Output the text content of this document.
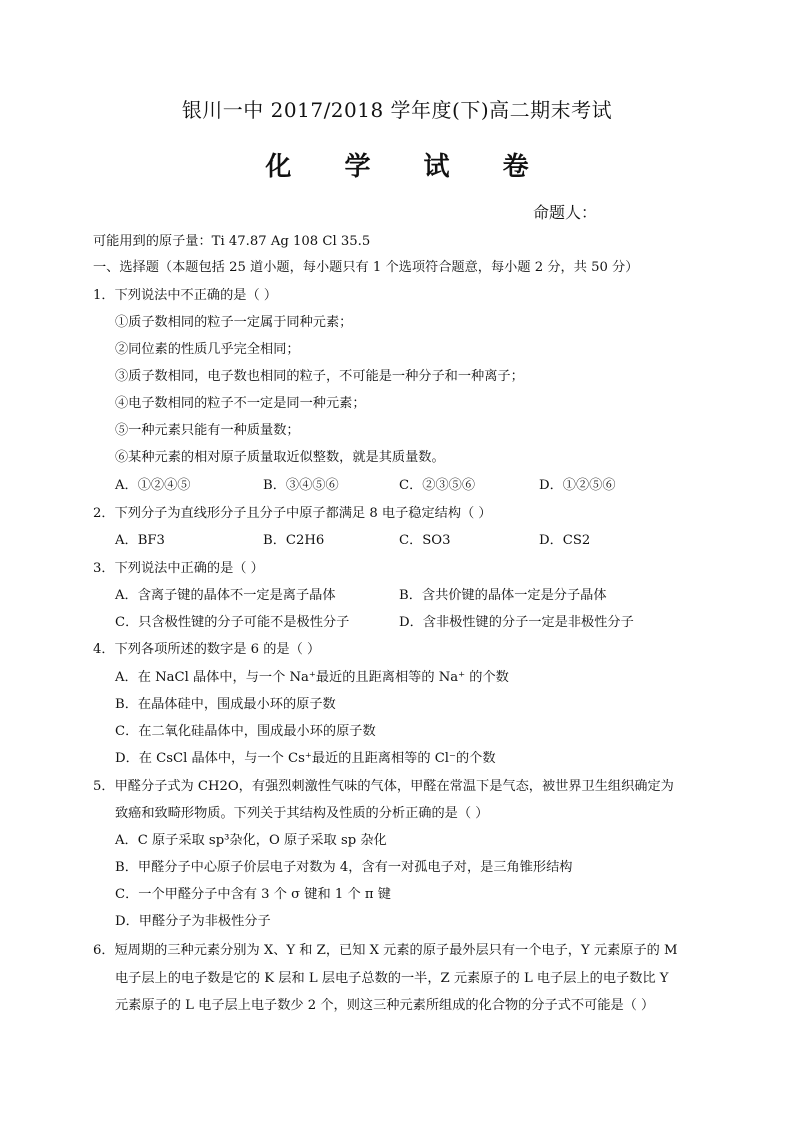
银川一中 2017/2018 学年度(下)高二期末考试
化 学 试 卷
命题人：
可能用到的原子量：Ti 47.87 Ag 108 Cl 35.5
一、选择题（本题包括 25 道小题，每小题只有 1 个选项符合题意，每小题 2 分，共 50 分）
1．下列说法中不正确的是（ ）
①质子数相同的粒子一定属于同种元素；
②同位素的性质几乎完全相同；
③质子数相同，电子数也相同的粒子，不可能是一种分子和一种离子；
④电子数相同的粒子不一定是同一种元素；
⑤一种元素只能有一种质量数；
⑥某种元素的相对原子质量取近似整数，就是其质量数。
A．①②④⑤	B．③④⑤⑥	C．②③⑤⑥	D．①②⑤⑥
2．下列分子为直线形分子且分子中原子都满足 8 电子稳定结构（ ）
A．BF3	B．C2H6	C．SO3	D．CS2
3．下列说法中正确的是（ ）
A．含离子键的晶体不一定是离子晶体	B．含共价键的晶体一定是分子晶体
C．只含极性键的分子可能不是极性分子	D．含非极性键的分子一定是非极性分子
4．下列各项所述的数字是 6 的是（ ）
A．在 NaCl 晶体中，与一个 Na⁺最近的且距离相等的 Na⁺ 的个数
B．在晶体硅中，围成最小环的原子数
C．在二氧化硅晶体中，围成最小环的原子数
D．在 CsCl 晶体中，与一个 Cs⁺最近的且距离相等的 Cl⁻的个数
5．甲醛分子式为 CH2O，有强烈刺激性气味的气体，甲醛在常温下是气态，被世界卫生组织确定为
致癌和致畸形物质。下列关于其结构及性质的分析正确的是（ ）
A．C 原子采取 sp³杂化，O 原子采取 sp 杂化
B．甲醛分子中心原子价层电子对数为 4，含有一对孤电子对，是三角锥形结构
C．一个甲醛分子中含有 3 个 σ 键和 1 个 π 键
D．甲醛分子为非极性分子
6．短周期的三种元素分别为 X、Y 和 Z，已知 X 元素的原子最外层只有一个电子，Y 元素原子的 M
电子层上的电子数是它的 K 层和 L 层电子总数的一半，Z 元素原子的 L 电子层上的电子数比 Y
元素原子的 L 电子层上电子数少 2 个，则这三种元素所组成的化合物的分子式不可能是（ ）
